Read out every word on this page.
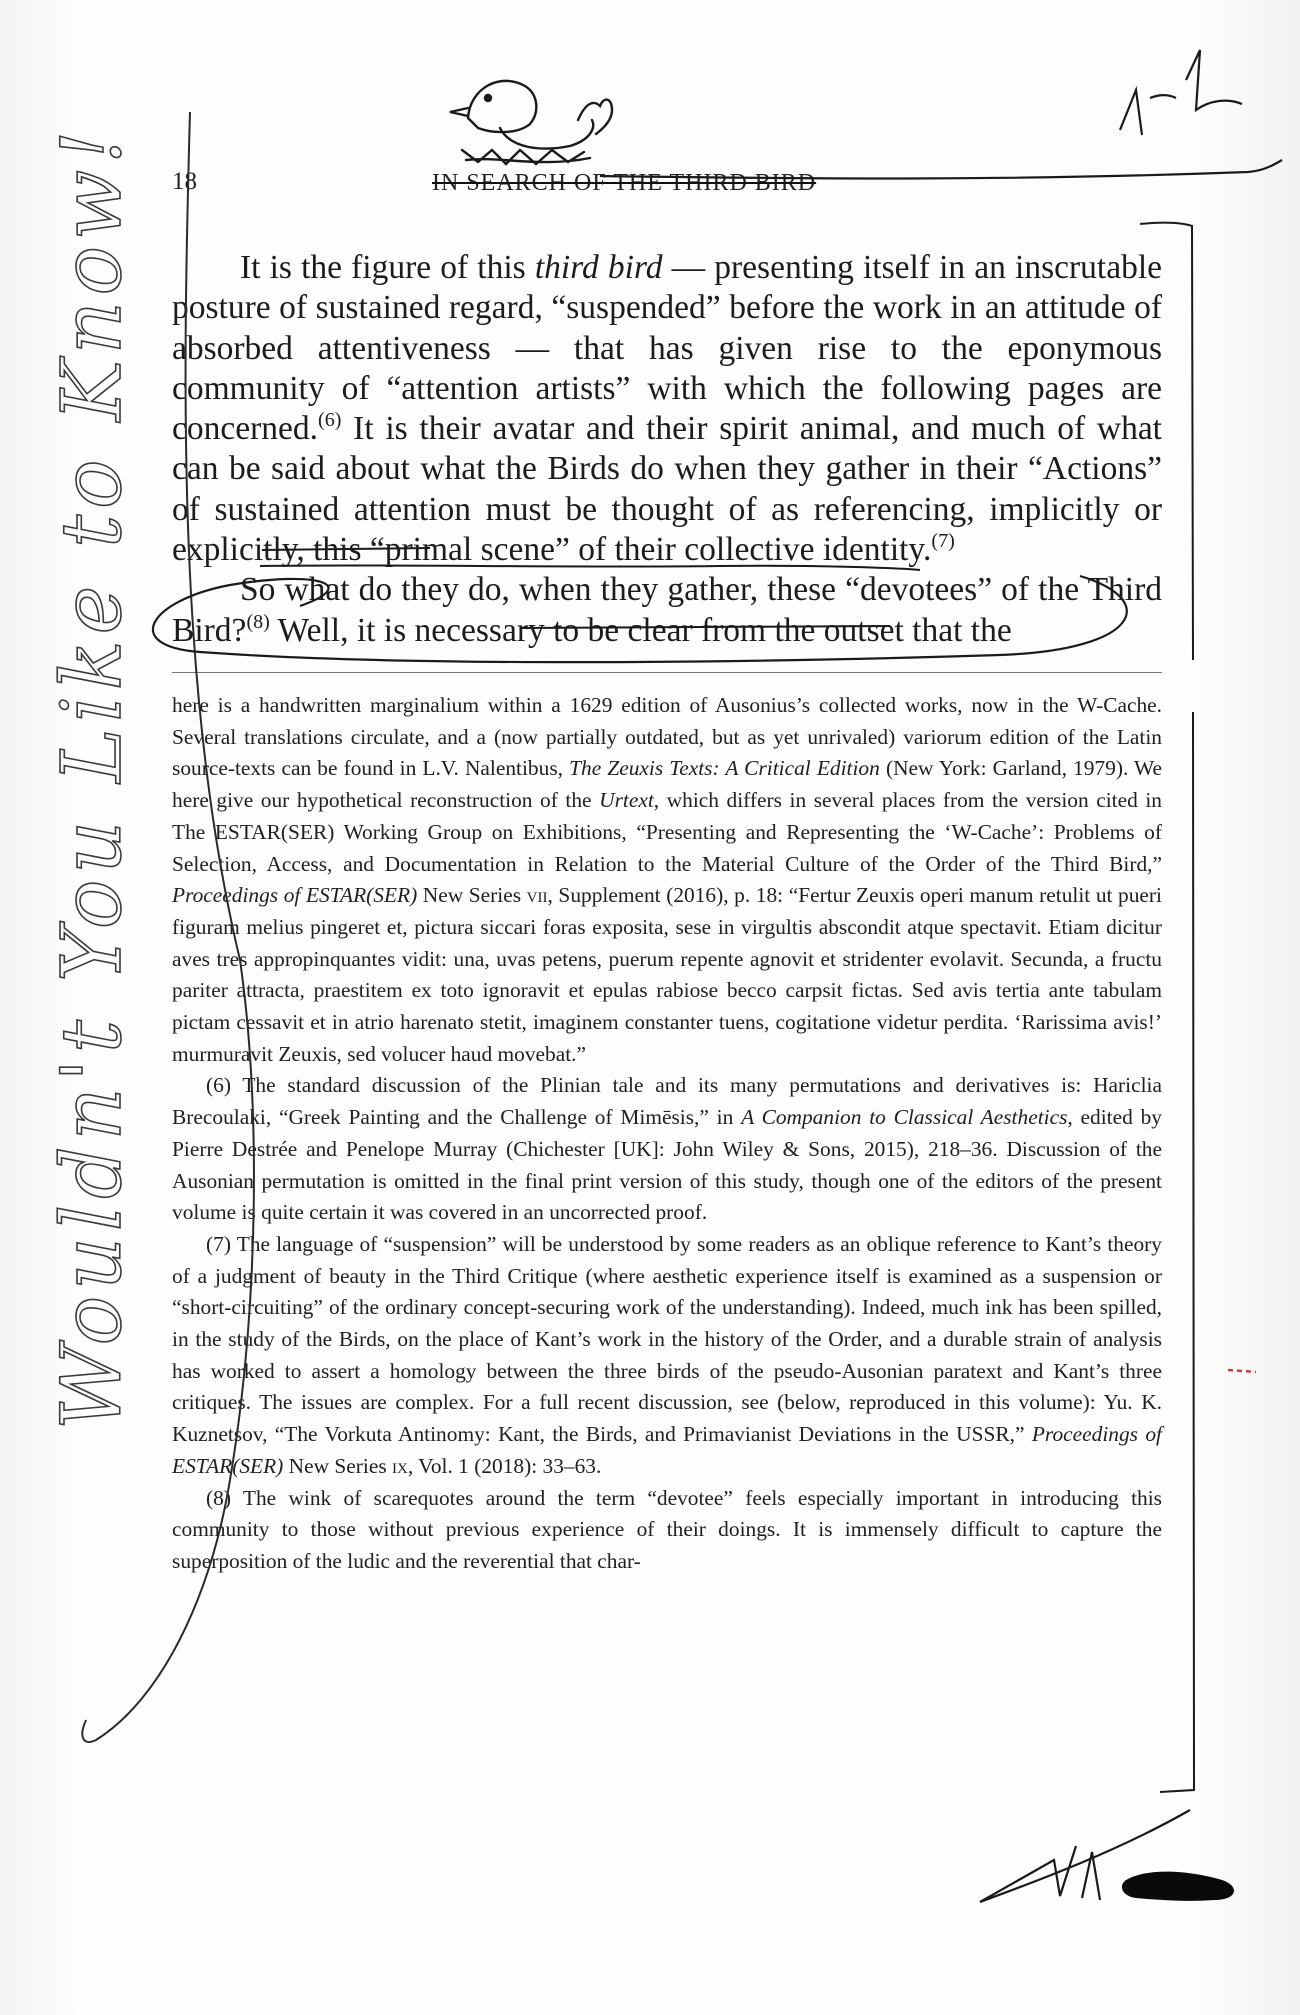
18	IN SEARCH OF THE THIRD BIRD

It is the figure of this third bird — presenting itself in an inscrutable posture of sustained regard, “suspended” before the work in an attitude of absorbed attentiveness — that has given rise to the eponymous community of “attention artists” with which the following pages are concerned.$^{(6)}$ It is their avatar and their spirit animal, and much of what can be said about what the Birds do when they gather in their “Actions” of sustained attention must be thought of as referencing, implicitly or explicitly, this “primal scene” of their collective identity.$^{(7)}$

So what do they do, when they gather, these “devotees” of the Third Bird?$^{(8)}$ Well, it is necessary to be clear from the outset that the

here is a handwritten marginalium within a 1629 edition of Ausonius’s collected works, now in the W-Cache. Several translations circulate, and a (now partially outdated, but as yet unrivaled) variorum edition of the Latin source-texts can be found in L.V. Nalentibus, The Zeuxis Texts: A Critical Edition (New York: Garland, 1979). We here give our hypothetical reconstruction of the Urtext, which differs in several places from the version cited in The ESTAR(SER) Working Group on Exhibitions, “Presenting and Representing the ‘W-Cache’: Problems of Selection, Access, and Documentation in Relation to the Material Culture of the Order of the Third Bird,” Proceedings of ESTAR(SER) New Series vii, Supplement (2016), p. 18: “Fertur Zeuxis operi manum retulit ut pueri figuram melius pingeret et, pictura siccari foras exposita, sese in virgultis abscondit atque spectavit. Etiam dicitur aves tres appropinquantes vidit: una, uvas petens, puerum repente agnovit et stridenter evolavit. Secunda, a fructu pariter attracta, praestitem ex toto ignoravit et epulas rabiose becco carpsit fictas. Sed avis tertia ante tabulam pictam cessavit et in atrio harenato stetit, imaginem constanter tuens, cogitatione videtur perdita. ‘Rarissima avis!’ murmuravit Zeuxis, sed volucer haud movebat.”

(6) The standard discussion of the Plinian tale and its many permutations and derivatives is: Hariclia Brecoulaki, “Greek Painting and the Challenge of Mimēsis,” in A Companion to Classical Aesthetics, edited by Pierre Destrée and Penelope Murray (Chichester [UK]: John Wiley & Sons, 2015), 218–36. Discussion of the Ausonian permutation is omitted in the final print version of this study, though one of the editors of the present volume is quite certain it was covered in an uncorrected proof.

(7) The language of “suspension” will be understood by some readers as an oblique reference to Kant’s theory of a judgment of beauty in the Third Critique (where aesthetic experience itself is examined as a suspension or “short-circuiting” of the ordinary concept-securing work of the understanding). Indeed, much ink has been spilled, in the study of the Birds, on the place of Kant’s work in the history of the Order, and a durable strain of analysis has worked to assert a homology between the three birds of the pseudo-Ausonian paratext and Kant’s three critiques. The issues are complex. For a full recent discussion, see (below, reproduced in this volume): Yu. K. Kuznetsov, “The Vorkuta Antinomy: Kant, the Birds, and Primavianist Deviations in the USSR,” Proceedings of ESTAR(SER) New Series ix, Vol. 1 (2018): 33–63.

(8) The wink of scarequotes around the term “devotee” feels especially important in introducing this community to those without previous experience of their doings. It is immensely difficult to capture the superposition of the ludic and the reverential that char-

Wouldn't You Like to Know!
